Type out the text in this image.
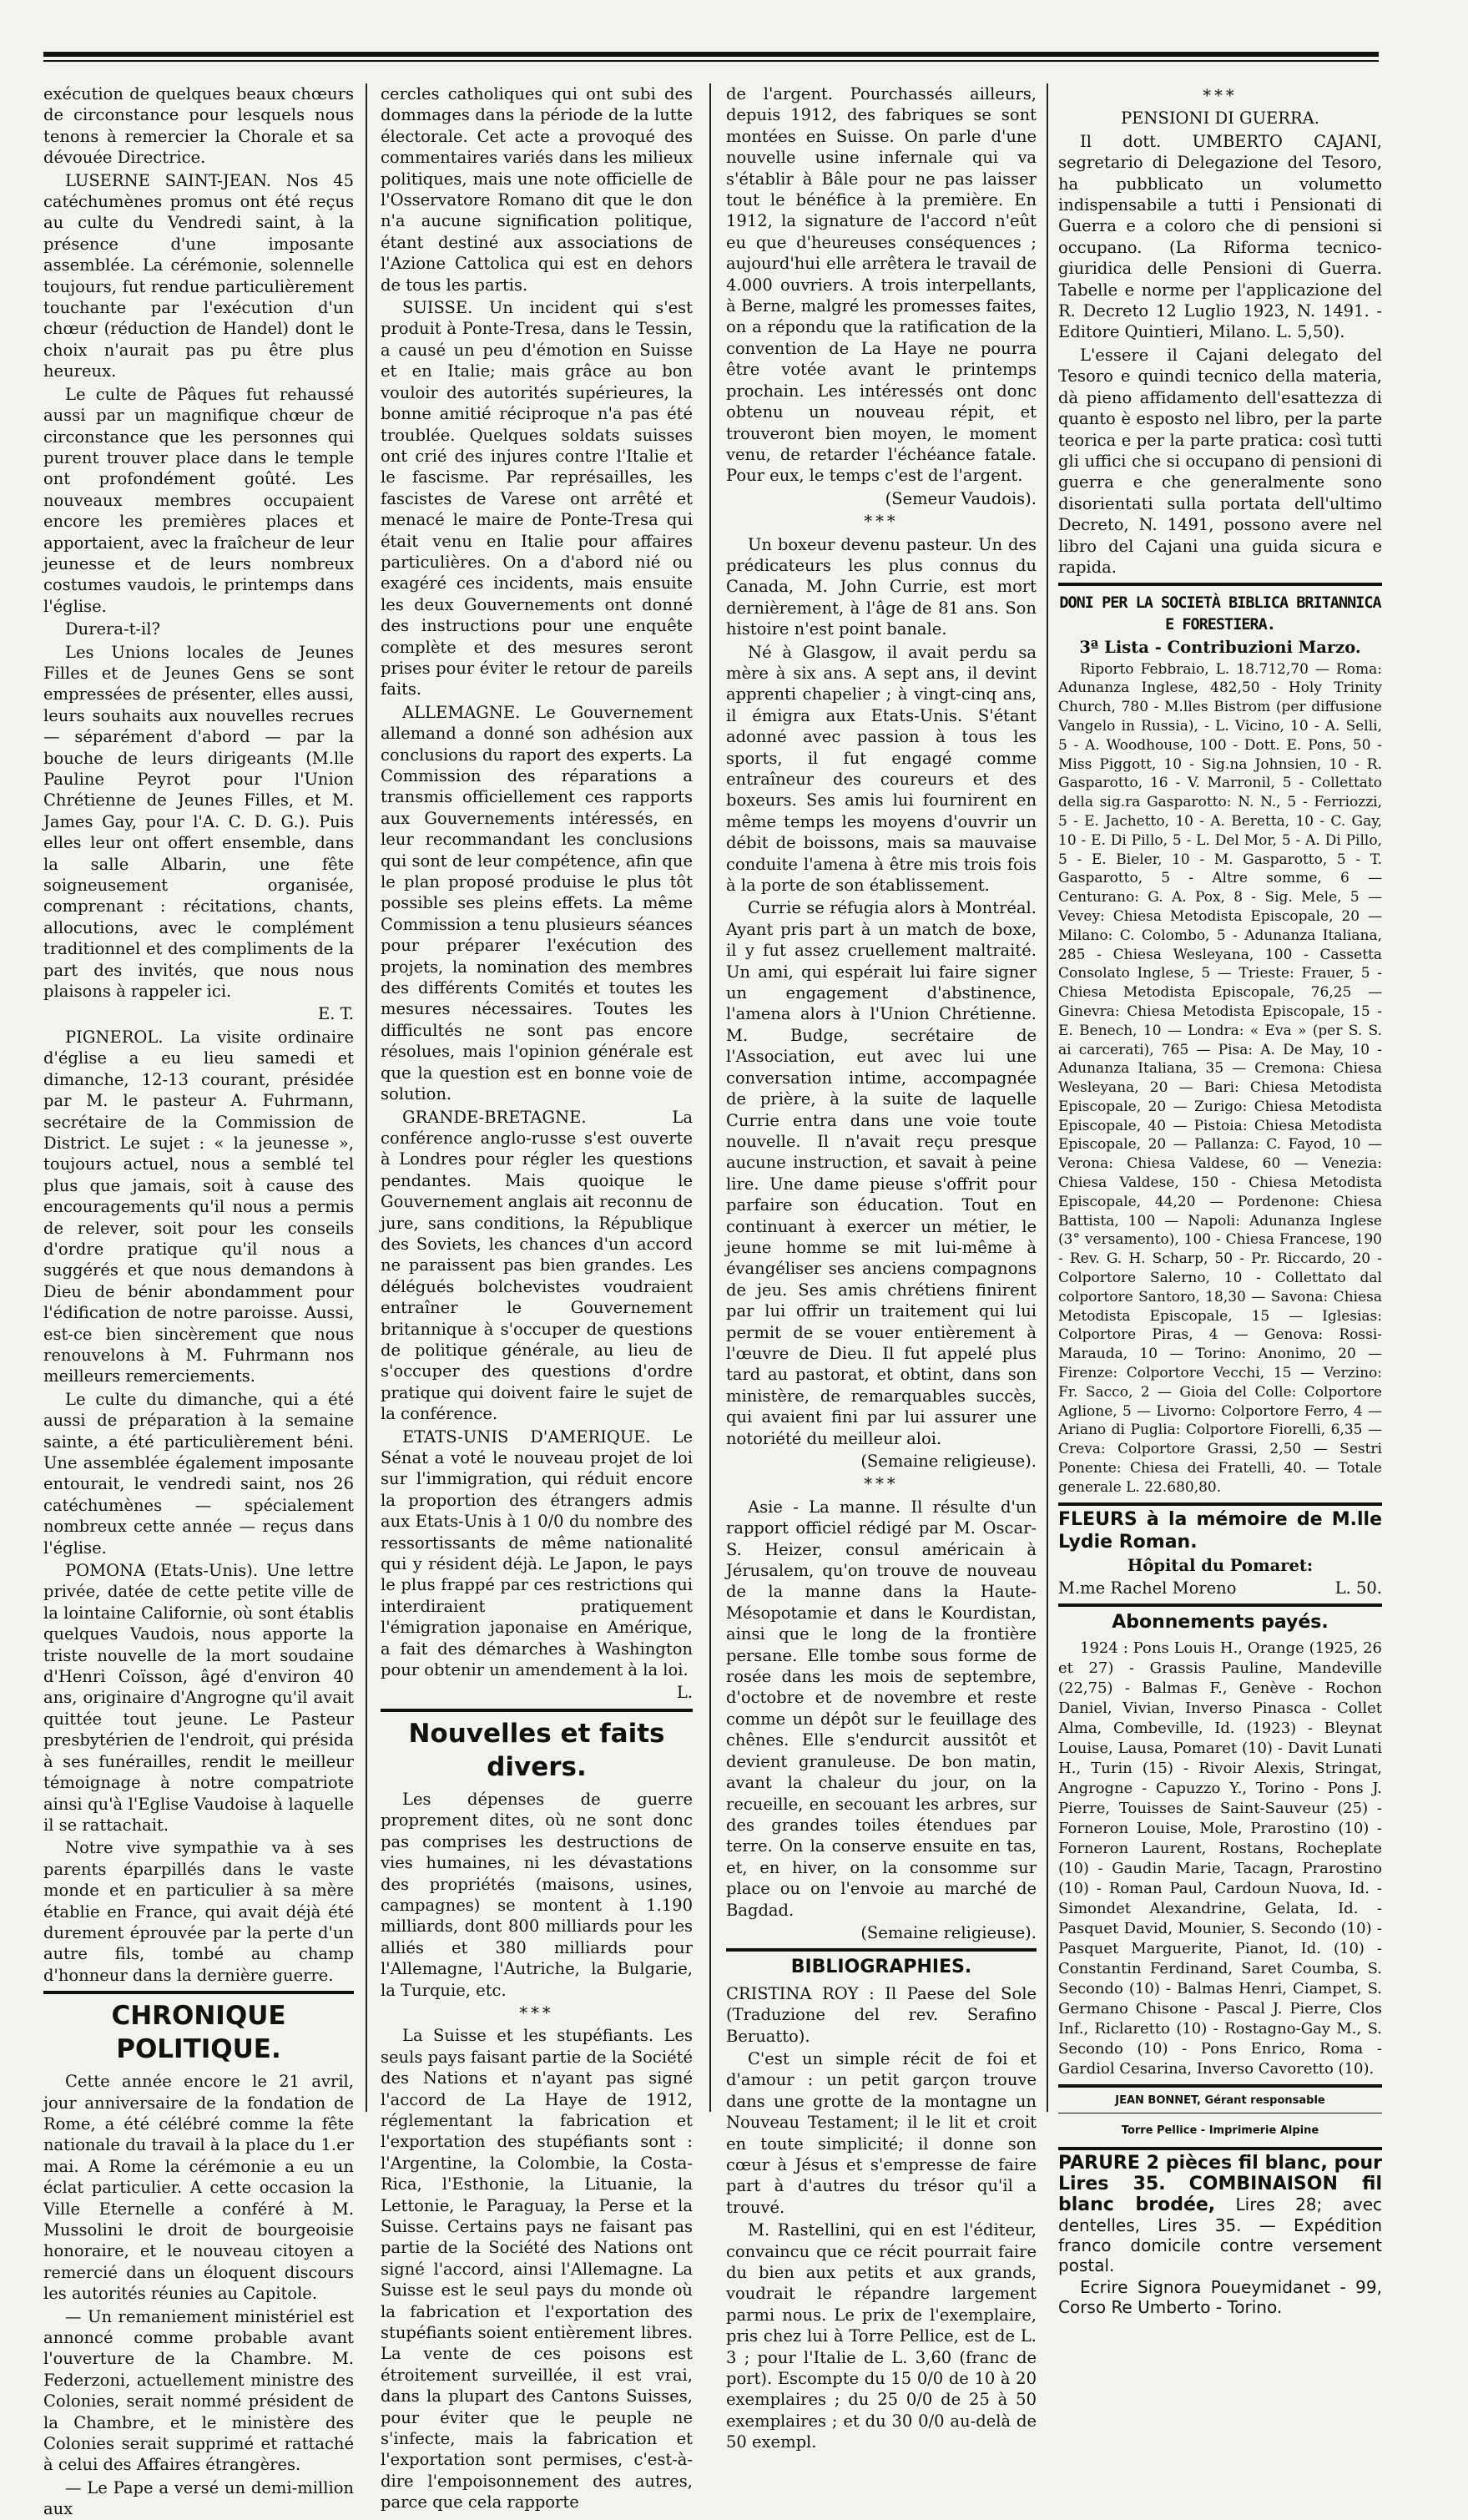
exécution de quelques beaux chœurs de circonstance pour lesquels nous tenons à remercier la Chorale et sa dévouée Directrice.

LUSERNE SAINT-JEAN. Nos 45 catéchumènes promus ont été reçus au culte du Vendredi saint, à la présence d'une imposante assemblée. La cérémonie, solennelle toujours, fut rendue particulièrement touchante par l'exécution d'un chœur (réduction de Handel) dont le choix n'aurait pas pu être plus heureux.

Le culte de Pâques fut rehaussé aussi par un magnifique chœur de circonstance que les personnes qui purent trouver place dans le temple ont profondément goûté. Les nouveaux membres occupaient encore les premières places et apportaient, avec la fraîcheur de leur jeunesse et de leurs nombreux costumes vaudois, le printemps dans l'église.

Durera-t-il?

Les Unions locales de Jeunes Filles et de Jeunes Gens se sont empressées de présenter, elles aussi, leurs souhaits aux nouvelles recrues — séparément d'abord — par la bouche de leurs dirigeants (M.lle Pauline Peyrot pour l'Union Chrétienne de Jeunes Filles, et M. James Gay, pour l'A. C. D. G.). Puis elles leur ont offert ensemble, dans la salle Albarin, une fête soigneusement organisée, comprenant : récitations, chants, allocutions, avec le complément traditionnel et des compliments de la part des invités, que nous nous plaisons à rappeler ici.

E. T.

PIGNEROL. La visite ordinaire d'église a eu lieu samedi et dimanche, 12-13 courant, présidée par M. le pasteur A. Fuhrmann, secrétaire de la Commission de District. Le sujet : « la jeunesse », toujours actuel, nous a semblé tel plus que jamais, soit à cause des encouragements qu'il nous a permis de relever, soit pour les conseils d'ordre pratique qu'il nous a suggérés et que nous demandons à Dieu de bénir abondamment pour l'édification de notre paroisse. Aussi, est-ce bien sincèrement que nous renouvelons à M. Fuhrmann nos meilleurs remerciements.

Le culte du dimanche, qui a été aussi de préparation à la semaine sainte, a été particulièrement béni. Une assemblée également imposante entourait, le vendredi saint, nos 26 catéchumènes — spécialement nombreux cette année — reçus dans l'église.

POMONA (Etats-Unis). Une lettre privée, datée de cette petite ville de la lointaine Californie, où sont établis quelques Vaudois, nous apporte la triste nouvelle de la mort soudaine d'Henri Coïsson, âgé d'environ 40 ans, originaire d'Angrogne qu'il avait quittée tout jeune. Le Pasteur presbytérien de l'endroit, qui présida à ses funérailles, rendit le meilleur témoignage à notre compatriote ainsi qu'à l'Eglise Vaudoise à laquelle il se rattachait.

Notre vive sympathie va à ses parents éparpillés dans le vaste monde et en particulier à sa mère établie en France, qui avait déjà été durement éprouvée par la perte d'un autre fils, tombé au champ d'honneur dans la dernière guerre.

CHRONIQUE POLITIQUE.

Cette année encore le 21 avril, jour anniversaire de la fondation de Rome, a été célébré comme la fête nationale du travail à la place du 1.er mai. A Rome la cérémonie a eu un éclat particulier. A cette occasion la Ville Eternelle a conféré à M. Mussolini le droit de bourgeoisie honoraire, et le nouveau citoyen a remercié dans un éloquent discours les autorités réunies au Capitole.

— Un remaniement ministériel est annoncé comme probable avant l'ouverture de la Chambre. M. Federzoni, actuellement ministre des Colonies, serait nommé président de la Chambre, et le ministère des Colonies serait supprimé et rattaché à celui des Affaires étrangères.

— Le Pape a versé un demi-million aux

cercles catholiques qui ont subi des dommages dans la période de la lutte électorale. Cet acte a provoqué des commentaires variés dans les milieux politiques, mais une note officielle de l'Osservatore Romano dit que le don n'a aucune signification politique, étant destiné aux associations de l'Azione Cattolica qui est en dehors de tous les partis.

SUISSE. Un incident qui s'est produit à Ponte-Tresa, dans le Tessin, a causé un peu d'émotion en Suisse et en Italie; mais grâce au bon vouloir des autorités supérieures, la bonne amitié réciproque n'a pas été troublée. Quelques soldats suisses ont crié des injures contre l'Italie et le fascisme. Par représailles, les fascistes de Varese ont arrêté et menacé le maire de Ponte-Tresa qui était venu en Italie pour affaires particulières. On a d'abord nié ou exagéré ces incidents, mais ensuite les deux Gouvernements ont donné des instructions pour une enquête complète et des mesures seront prises pour éviter le retour de pareils faits.

ALLEMAGNE. Le Gouvernement allemand a donné son adhésion aux conclusions du raport des experts. La Commission des réparations a transmis officiellement ces rapports aux Gouvernements intéressés, en leur recommandant les conclusions qui sont de leur compétence, afin que le plan proposé produise le plus tôt possible ses pleins effets. La même Commission a tenu plusieurs séances pour préparer l'exécution des projets, la nomination des membres des différents Comités et toutes les mesures nécessaires. Toutes les difficultés ne sont pas encore résolues, mais l'opinion générale est que la question est en bonne voie de solution.

GRANDE-BRETAGNE. La conférence anglo-russe s'est ouverte à Londres pour régler les questions pendantes. Mais quoique le Gouvernement anglais ait reconnu de jure, sans conditions, la République des Soviets, les chances d'un accord ne paraissent pas bien grandes. Les délégués bolchevistes voudraient entraîner le Gouvernement britannique à s'occuper de questions de politique générale, au lieu de s'occuper des questions d'ordre pratique qui doivent faire le sujet de la conférence.

ETATS-UNIS D'AMERIQUE. Le Sénat a voté le nouveau projet de loi sur l'immigration, qui réduit encore la proportion des étrangers admis aux Etats-Unis à 1 0/0 du nombre des ressortissants de même nationalité qui y résident déjà. Le Japon, le pays le plus frappé par ces restrictions qui interdiraient pratiquement l'émigration japonaise en Amérique, a fait des démarches à Washington pour obtenir un amendement à la loi.

L.

Nouvelles et faits divers.

Les dépenses de guerre proprement dites, où ne sont donc pas comprises les destructions de vies humaines, ni les dévastations des propriétés (maisons, usines, campagnes) se montent à 1.190 milliards, dont 800 milliards pour les alliés et 380 milliards pour l'Allemagne, l'Autriche, la Bulgarie, la Turquie, etc.

***

La Suisse et les stupéfiants. Les seuls pays faisant partie de la Société des Nations et n'ayant pas signé l'accord de La Haye de 1912, réglementant la fabrication et l'exportation des stupéfiants sont : l'Argentine, la Colombie, la Costa-Rica, l'Esthonie, la Lituanie, la Lettonie, le Paraguay, la Perse et la Suisse. Certains pays ne faisant pas partie de la Société des Nations ont signé l'accord, ainsi l'Allemagne. La Suisse est le seul pays du monde où la fabrication et l'exportation des stupéfiants soient entièrement libres. La vente de ces poisons est étroitement surveillée, il est vrai, dans la plupart des Cantons Suisses, pour éviter que le peuple ne s'infecte, mais la fabrication et l'exportation sont permises, c'est-à-dire l'empoisonnement des autres, parce que cela rapporte

de l'argent. Pourchassés ailleurs, depuis 1912, des fabriques se sont montées en Suisse. On parle d'une nouvelle usine infernale qui va s'établir à Bâle pour ne pas laisser tout le bénéfice à la première. En 1912, la signature de l'accord n'eût eu que d'heureuses conséquences ; aujourd'hui elle arrêtera le travail de 4.000 ouvriers. A trois interpellants, à Berne, malgré les promesses faites, on a répondu que la ratification de la convention de La Haye ne pourra être votée avant le printemps prochain. Les intéressés ont donc obtenu un nouveau répit, et trouveront bien moyen, le moment venu, de retarder l'échéance fatale. Pour eux, le temps c'est de l'argent.

(Semeur Vaudois).

***

Un boxeur devenu pasteur. Un des prédicateurs les plus connus du Canada, M. John Currie, est mort dernièrement, à l'âge de 81 ans. Son histoire n'est point banale.

Né à Glasgow, il avait perdu sa mère à six ans. A sept ans, il devint apprenti chapelier ; à vingt-cinq ans, il émigra aux Etats-Unis. S'étant adonné avec passion à tous les sports, il fut engagé comme entraîneur des coureurs et des boxeurs. Ses amis lui fournirent en même temps les moyens d'ouvrir un débit de boissons, mais sa mauvaise conduite l'amena à être mis trois fois à la porte de son établissement.

Currie se réfugia alors à Montréal. Ayant pris part à un match de boxe, il y fut assez cruellement maltraité. Un ami, qui espérait lui faire signer un engagement d'abstinence, l'amena alors à l'Union Chrétienne. M. Budge, secrétaire de l'Association, eut avec lui une conversation intime, accompagnée de prière, à la suite de laquelle Currie entra dans une voie toute nouvelle. Il n'avait reçu presque aucune instruction, et savait à peine lire. Une dame pieuse s'offrit pour parfaire son éducation. Tout en continuant à exercer un métier, le jeune homme se mit lui-même à évangéliser ses anciens compagnons de jeu. Ses amis chrétiens finirent par lui offrir un traitement qui lui permit de se vouer entièrement à l'œuvre de Dieu. Il fut appelé plus tard au pastorat, et obtint, dans son ministère, de remarquables succès, qui avaient fini par lui assurer une notoriété du meilleur aloi.

(Semaine religieuse).

***

Asie - La manne. Il résulte d'un rapport officiel rédigé par M. Oscar-S. Heizer, consul américain à Jérusalem, qu'on trouve de nouveau de la manne dans la Haute-Mésopotamie et dans le Kourdistan, ainsi que le long de la frontière persane. Elle tombe sous forme de rosée dans les mois de septembre, d'octobre et de novembre et reste comme un dépôt sur le feuillage des chênes. Elle s'endurcit aussitôt et devient granuleuse. De bon matin, avant la chaleur du jour, on la recueille, en secouant les arbres, sur des grandes toiles étendues par terre. On la conserve ensuite en tas, et, en hiver, on la consomme sur place ou on l'envoie au marché de Bagdad.

(Semaine religieuse).

BIBLIOGRAPHIES.

CRISTINA ROY : Il Paese del Sole (Traduzione del rev. Serafino Beruatto).

C'est un simple récit de foi et d'amour : un petit garçon trouve dans une grotte de la montagne un Nouveau Testament; il le lit et croit en toute simplicité; il donne son cœur à Jésus et s'empresse de faire part à d'autres du trésor qu'il a trouvé.

M. Rastellini, qui en est l'éditeur, convaincu que ce récit pourrait faire du bien aux petits et aux grands, voudrait le répandre largement parmi nous. Le prix de l'exemplaire, pris chez lui à Torre Pellice, est de L. 3 ; pour l'Italie de L. 3,60 (franc de port). Escompte du 15 0/0 de 10 à 20 exemplaires ; du 25 0/0 de 25 à 50 exemplaires ; et du 30 0/0 au-delà de 50 exempl.

***

PENSIONI DI GUERRA.

Il dott. UMBERTO CAJANI, segretario di Delegazione del Tesoro, ha pubblicato un volumetto indispensabile a tutti i Pensionati di Guerra e a coloro che di pensioni si occupano. (La Riforma tecnico-giuridica delle Pensioni di Guerra. Tabelle e norme per l'applicazione del R. Decreto 12 Luglio 1923, N. 1491. - Editore Quintieri, Milano. L. 5,50).

L'essere il Cajani delegato del Tesoro e quindi tecnico della materia, dà pieno affidamento dell'esattezza di quanto è esposto nel libro, per la parte teorica e per la parte pratica: così tutti gli uffici che si occupano di pensioni di guerra e che generalmente sono disorientati sulla portata dell'ultimo Decreto, N. 1491, possono avere nel libro del Cajani una guida sicura e rapida.

DONI PER LA SOCIETÀ BIBLICA BRITANNICA E FORESTIERA.

3ª Lista - Contribuzioni Marzo.

Riporto Febbraio, L. 18.712,70 — Roma: Adunanza Inglese, 482,50 - Holy Trinity Church, 780 - M.lles Bistrom (per diffusione Vangelo in Russia), - L. Vicino, 10 - A. Selli, 5 - A. Woodhouse, 100 - Dott. E. Pons, 50 - Miss Piggott, 10 - Sig.na Johnsien, 10 - R. Gasparotto, 16 - V. Marronil, 5 - Collettato della sig.ra Gasparotto: N. N., 5 - Ferriozzi, 5 - E. Jachetto, 10 - A. Beretta, 10 - C. Gay, 10 - E. Di Pillo, 5 - L. Del Mor, 5 - A. Di Pillo, 5 - E. Bieler, 10 - M. Gasparotto, 5 - T. Gasparotto, 5 - Altre somme, 6 — Centurano: G. A. Pox, 8 - Sig. Mele, 5 — Vevey: Chiesa Metodista Episcopale, 20 — Milano: C. Colombo, 5 - Adunanza Italiana, 285 - Chiesa Wesleyana, 100 - Cassetta Consolato Inglese, 5 — Trieste: Frauer, 5 - Chiesa Metodista Episcopale, 76,25 — Ginevra: Chiesa Metodista Episcopale, 15 - E. Benech, 10 — Londra: « Eva » (per S. S. ai carcerati), 765 — Pisa: A. De May, 10 - Adunanza Italiana, 35 — Cremona: Chiesa Wesleyana, 20 — Bari: Chiesa Metodista Episcopale, 20 — Zurigo: Chiesa Metodista Episcopale, 40 — Pistoia: Chiesa Metodista Episcopale, 20 — Pallanza: C. Fayod, 10 — Verona: Chiesa Valdese, 60 — Venezia: Chiesa Valdese, 150 - Chiesa Metodista Episcopale, 44,20 — Pordenone: Chiesa Battista, 100 — Napoli: Adunanza Inglese (3° versamento), 100 - Chiesa Francese, 190 - Rev. G. H. Scharp, 50 - Pr. Riccardo, 20 - Colportore Salerno, 10 - Collettato dal colportore Santoro, 18,30 — Savona: Chiesa Metodista Episcopale, 15 — Iglesias: Colportore Piras, 4 — Genova: Rossi-Marauda, 10 — Torino: Anonimo, 20 — Firenze: Colportore Vecchi, 15 — Verzino: Fr. Sacco, 2 — Gioia del Colle: Colportore Aglione, 5 — Livorno: Colportore Ferro, 4 — Ariano di Puglia: Colportore Fiorelli, 6,35 — Creva: Colportore Grassi, 2,50 — Sestri Ponente: Chiesa dei Fratelli, 40. — Totale generale L. 22.680,80.

FLEURS à la mémoire de M.lle Lydie Roman.

Hôpital du Pomaret:

M.me Rachel Moreno	L. 50.
Abonnements payés.

1924 : Pons Louis H., Orange (1925, 26 et 27) - Grassis Pauline, Mandeville (22,75) - Balmas F., Genève - Rochon Daniel, Vivian, Inverso Pinasca - Collet Alma, Combeville, Id. (1923) - Bleynat Louise, Lausa, Pomaret (10) - Davit Lunati H., Turin (15) - Rivoir Alexis, Stringat, Angrogne - Capuzzo Y., Torino - Pons J. Pierre, Touisses de Saint-Sauveur (25) - Forneron Louise, Mole, Prarostino (10) - Forneron Laurent, Rostans, Rocheplate (10) - Gaudin Marie, Tacagn, Prarostino (10) - Roman Paul, Cardoun Nuova, Id. - Simondet Alexandrine, Gelata, Id. - Pasquet David, Mounier, S. Secondo (10) - Pasquet Marguerite, Pianot, Id. (10) - Constantin Ferdinand, Saret Coumba, S. Secondo (10) - Balmas Henri, Ciampet, S. Germano Chisone - Pascal J. Pierre, Clos Inf., Riclaretto (10) - Rostagno-Gay M., S. Secondo (10) - Pons Enrico, Roma - Gardiol Cesarina, Inverso Cavoretto (10).

JEAN BONNET, Gérant responsable

Torre Pellice - Imprimerie Alpine

PARURE 2 pièces fil blanc, pour Lires 35. COMBINAISON fil blanc brodée, Lires 28; avec dentelles, Lires 35. — Expédition franco domicile contre versement postal.

Ecrire Signora Poueymidanet - 99, Corso Re Umberto - Torino.
